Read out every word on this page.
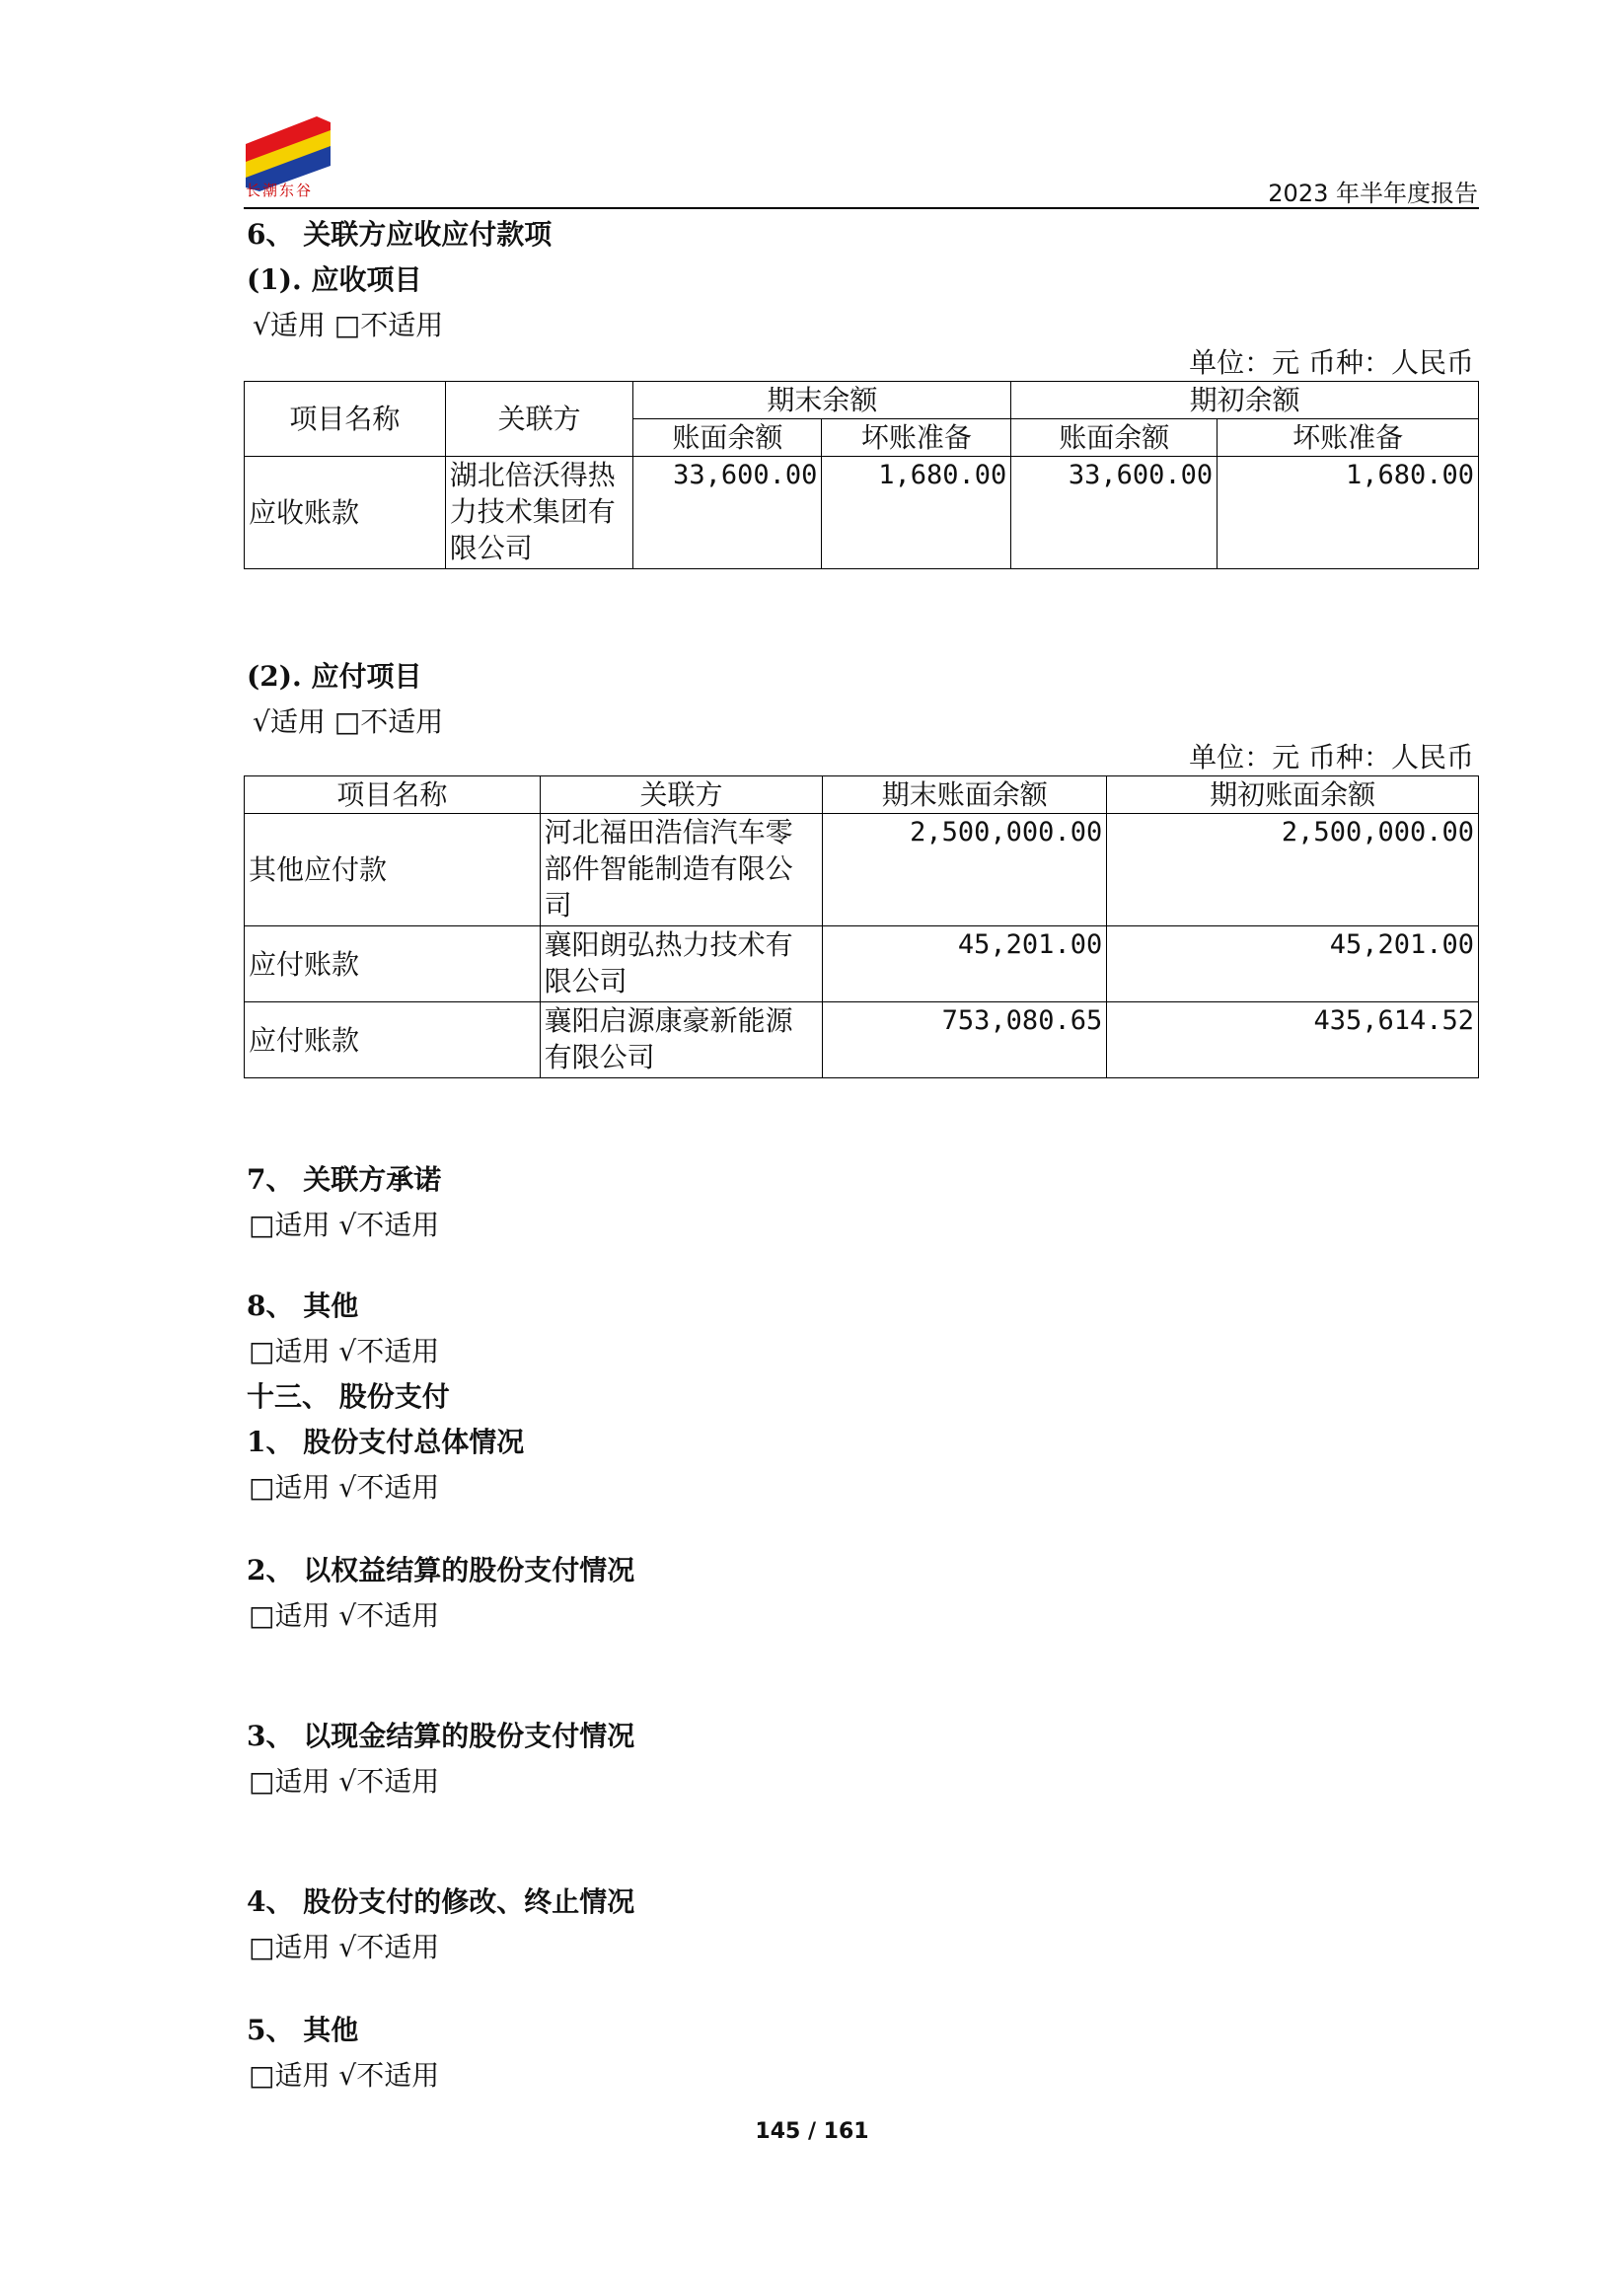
长潮东谷	2023 年半年度报告
6、 关联方应收应付款项
(1). 应收项目
√适用 □不适用
单位：元 币种：人民币
项目名称	关联方	期末余额		期初余额	
		账面余额	坏账准备	账面余额	坏账准备
应收账款	湖北倍沃得热力技术集团有限公司	33,600.00	1,680.00	33,600.00	1,680.00
(2). 应付项目
√适用 □不适用
单位：元 币种：人民币
项目名称	关联方	期末账面余额	期初账面余额
其他应付款	河北福田浩信汽车零部件智能制造有限公司	2,500,000.00	2,500,000.00
应付账款	襄阳朗弘热力技术有限公司	45,201.00	45,201.00
应付账款	襄阳启源康豪新能源有限公司	753,080.65	435,614.52
7、 关联方承诺
□适用 √不适用
8、 其他
□适用 √不适用
十三、 股份支付
1、 股份支付总体情况
□适用 √不适用
2、 以权益结算的股份支付情况
□适用 √不适用
3、 以现金结算的股份支付情况
□适用 √不适用
4、 股份支付的修改、终止情况
□适用 √不适用
5、 其他
□适用 √不适用
145 / 161
